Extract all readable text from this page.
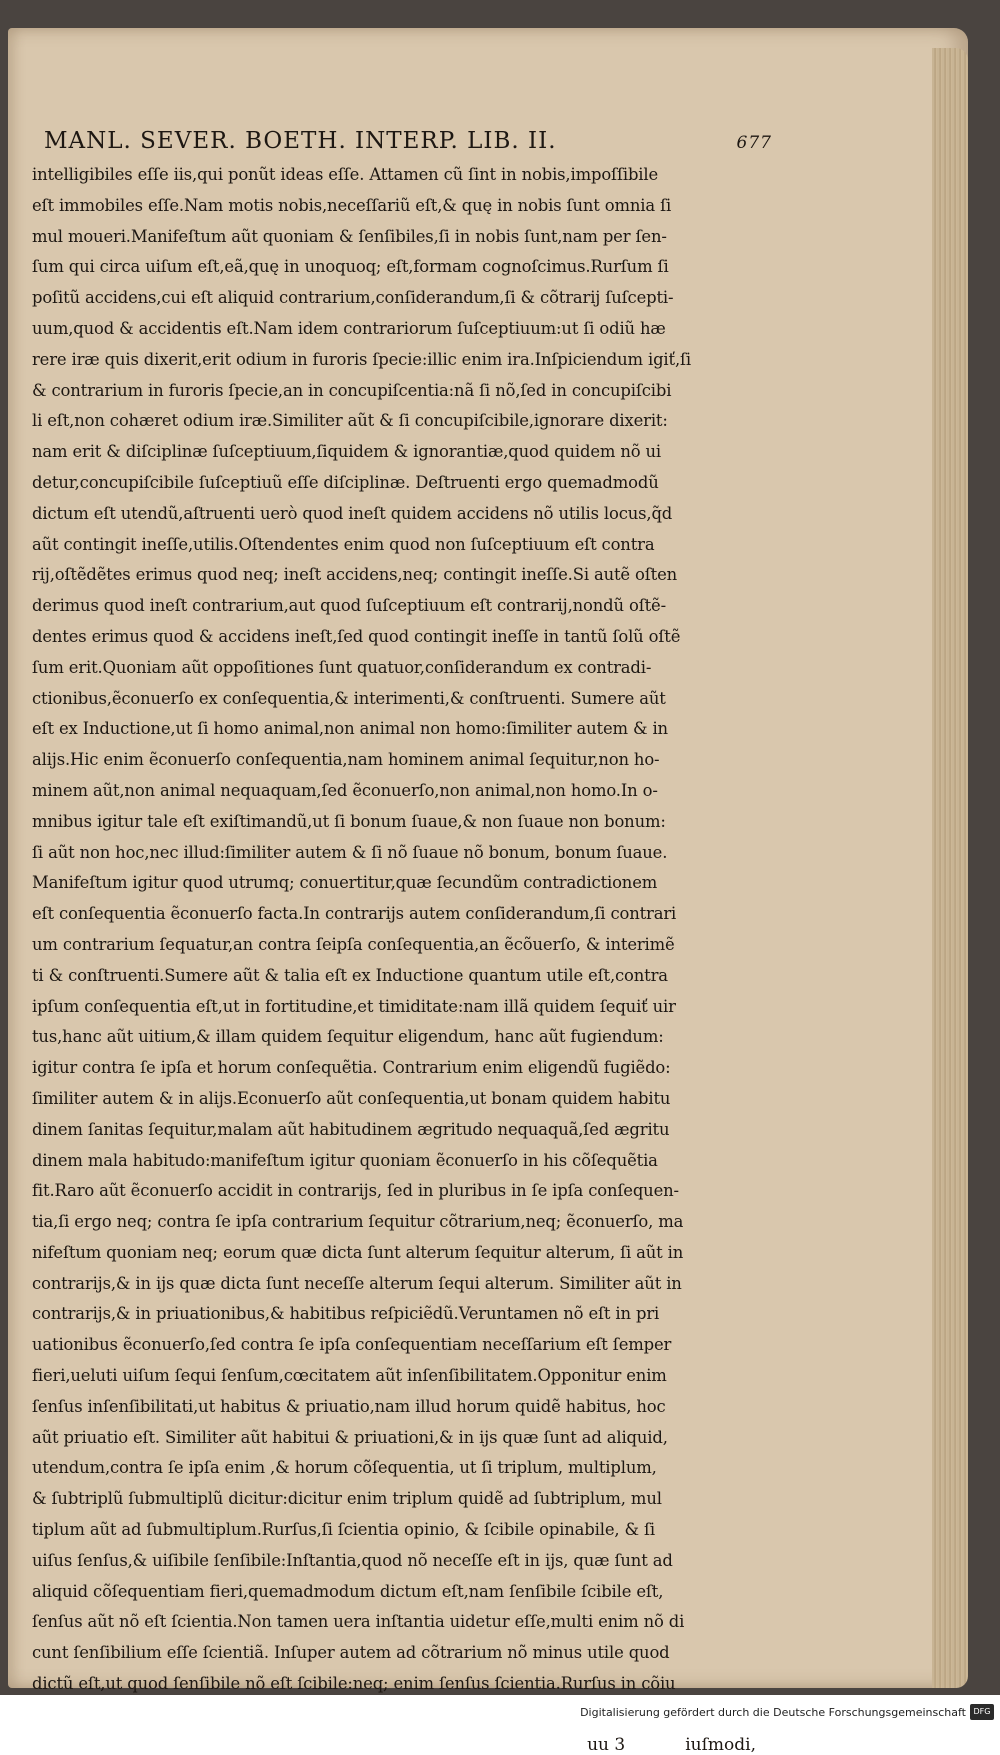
MANL. SEVER. BOETH. INTERP. LIB. II.	677
intelligibiles eſſe iis,qui ponũt ideas eſſe. Attamen cũ ſint in nobis,impoſſibile
eſt immobiles eſſe.Nam motis nobis,neceſſariũ eſt,& quę in nobis ſunt omnia ſi
mul moueri.Manifeſtum aũt quoniam & ſenſibiles,ſi in nobis ſunt,nam per ſen-
ſum qui circa uiſum eſt,eã,quę in unoquoq; eſt,formam cognoſcimus.Rurſum ſi
poſitũ accidens,cui eſt aliquid contrarium,conſiderandum,ſi & cõtrarij ſuſcepti-
uum,quod & accidentis eſt.Nam idem contrariorum ſuſceptiuum:ut ſi odiũ hæ
rere iræ quis dixerit,erit odium in furoris ſpecie:illic enim ira.Inſpiciendum igiť,ſi
& contrarium in furoris ſpecie,an in concupiſcentia:nã ſi nõ,ſed in concupiſcibi
li eſt,non cohæret odium iræ.Similiter aũt & ſi concupiſcibile,ignorare dixerit:
nam erit & diſciplinæ ſuſceptiuum,ſiquidem & ignorantiæ,quod quidem nõ ui
detur,concupiſcibile ſuſceptiuũ eſſe diſciplinæ. Deſtruenti ergo quemadmodũ
dictum eſt utendũ,aſtruenti uerò quod ineſt quidem accidens nõ utilis locus,q̃d
aũt contingit ineſſe,utilis.Oſtendentes enim quod non ſuſceptiuum eſt contra
rij,oſtẽdẽtes erimus quod neq; ineſt accidens,neq; contingit ineſſe.Si autẽ oſten
derimus quod ineſt contrarium,aut quod ſuſceptiuum eſt contrarij,nondũ oſtẽ-
dentes erimus quod & accidens ineſt,ſed quod contingit ineſſe in tantũ ſolũ oſtẽ
ſum erit.Quoniam aũt oppoſitiones ſunt quatuor,conſiderandum ex contradi-
ctionibus,ẽconuerſo ex conſequentia,& interimenti,& conſtruenti. Sumere aũt
eſt ex Inductione,ut ſi homo animal,non animal non homo:ſimiliter autem & in
alijs.Hic enim ẽconuerſo conſequentia,nam hominem animal ſequitur,non ho-
minem aũt,non animal nequaquam,ſed ẽconuerſo,non animal,non homo.In o-
mnibus igitur tale eſt exiſtimandũ,ut ſi bonum ſuaue,& non ſuaue non bonum:
ſi aũt non hoc,nec illud:ſimiliter autem & ſi nõ ſuaue nõ bonum, bonum ſuaue.
Manifeſtum igitur quod utrumq; conuertitur,quæ ſecundũm contradictionem
eſt conſequentia ẽconuerſo facta.In contrarijs autem conſiderandum,ſi contrari
um contrarium ſequatur,an contra ſeipſa conſequentia,an ẽcõuerſo, & interimẽ
ti & conſtruenti.Sumere aũt & talia eſt ex Inductione quantum utile eſt,contra
ipſum conſequentia eſt,ut in fortitudine,et timiditate:nam illã quidem ſequiť uir
tus,hanc aũt uitium,& illam quidem ſequitur eligendum, hanc aũt fugiendum:
igitur contra ſe ipſa et horum conſequẽtia. Contrarium enim eligendũ fugiẽdo:
ſimiliter autem & in alijs.Econuerſo aũt conſequentia,ut bonam quidem habitu
dinem ſanitas ſequitur,malam aũt habitudinem ægritudo nequaquã,ſed ægritu
dinem mala habitudo:manifeſtum igitur quoniam ẽconuerſo in his cõſequẽtia
fit.Raro aũt ẽconuerſo accidit in contrarijs, ſed in pluribus in ſe ipſa conſequen-
tia,ſi ergo neq; contra ſe ipſa contrarium ſequitur cõtrarium,neq; ẽconuerſo, ma
nifeſtum quoniam neq; eorum quæ dicta ſunt alterum ſequitur alterum, ſi aũt in
contrarijs,& in ijs quæ dicta ſunt neceſſe alterum ſequi alterum. Similiter aũt in
contrarijs,& in priuationibus,& habitibus reſpiciẽdũ.Veruntamen nõ eſt in pri
uationibus ẽconuerſo,ſed contra ſe ipſa conſequentiam neceſſarium eſt ſemper
fieri,ueluti uiſum ſequi ſenſum,cœcitatem aũt inſenſibilitatem.Opponitur enim
ſenſus inſenſibilitati,ut habitus & priuatio,nam illud horum quidẽ habitus, hoc
aũt priuatio eſt. Similiter aũt habitui & priuationi,& in ijs quæ ſunt ad aliquid,
utendum,contra ſe ipſa enim ,& horum cõſequentia, ut ſi triplum, multiplum,
& ſubtriplũ ſubmultiplũ dicitur:dicitur enim triplum quidẽ ad ſubtriplum, mul
tiplum aũt ad ſubmultiplum.Rurſus,ſi ſcientia opinio, & ſcibile opinabile, & ſi
uiſus ſenſus,& uiſibile ſenſibile:Inſtantia,quod nõ neceſſe eſt in ijs, quæ ſunt ad
aliquid cõſequentiam fieri,quemadmodum dictum eſt,nam ſenſibile ſcibile eſt,
ſenſus aũt nõ eſt ſcientia.Non tamen uera inſtantia uidetur eſſe,multi enim nõ di
cunt ſenſibilium eſſe ſcientiã. Inſuper autem ad cõtrarium nõ minus utile quod
dictũ eſt,ut quod ſenſibile nõ eſt ſcibile:neq; enim ſenſus ſcientia.Rurſus in cõiu
uu 3	iuſmodi,
Digitalisierung gefördert durch die Deutsche Forschungsgemeinschaft DFG
